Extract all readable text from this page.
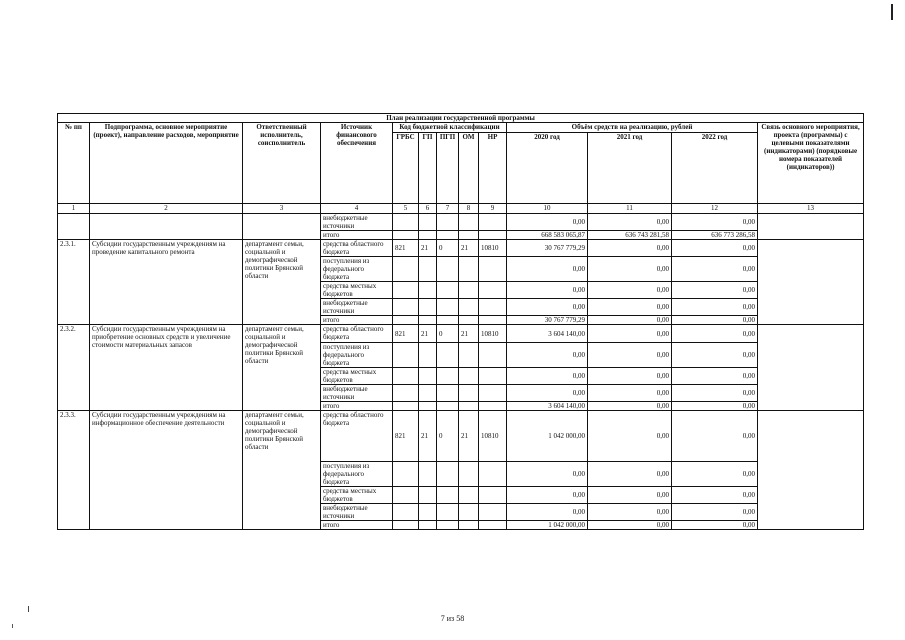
План реализации государственной программы												
№ пп	Подпрограмма, основное мероприятие (проект), направление расходов, мероприятие	Ответственный исполнитель, соисполнитель	Источник финансового обеспечения	Код бюджетной классификации					Объём средств на реализацию, рублей			Связь основного мероприятия, проекта (программы) с целевыми показателями (индикаторами) (порядковые номера показателей (индикаторов))
				ГРБС	ГП	ПГП	ОМ	НР	2020 год	2021 год	2022 год	
1	2	3	4	5	6	7	8	9	10	11	12	13
			внебюджетные источники						0,00	0,00	0,00	
			итого						668 583 065,87	636 743 281,58	636 773 286,58	
2.3.1.	Субсидии государственным учреждениям на проведение капитального ремонта	департамент семьи, социальной и демографической политики Брянской области	средства областного бюджета	821	21	0	21	10810	30 767 779,29	0,00	0,00	
			поступления из федерального бюджета						0,00	0,00	0,00	
			средства местных бюджетов						0,00	0,00	0,00	
			внебюджетные источники						0,00	0,00	0,00	
			итого						30 767 779,29	0,00	0,00	
2.3.2.	Субсидии государственным учреждениям на приобретение основных средств и увеличение стоимости материальных запасов	департамент семьи, социальной и демографической политики Брянской области	средства областного бюджета	821	21	0	21	10810	3 604 140,00	0,00	0,00	
			поступления из федерального бюджета						0,00	0,00	0,00	
			средства местных бюджетов						0,00	0,00	0,00	
			внебюджетные источники						0,00	0,00	0,00	
			итого						3 604 140,00	0,00	0,00	
2.3.3.	Субсидии государственным учреждениям на информационное обеспечение деятельности	департамент семьи, социальной и демографической политики Брянской области	средства областного бюджета	821	21	0	21	10810	1 042 000,00	0,00	0,00	
			поступления из федерального бюджета						0,00	0,00	0,00	
			средства местных бюджетов						0,00	0,00	0,00	
			внебюджетные источники						0,00	0,00	0,00	
			итого						1 042 000,00	0,00	0,00	
7 из 58
